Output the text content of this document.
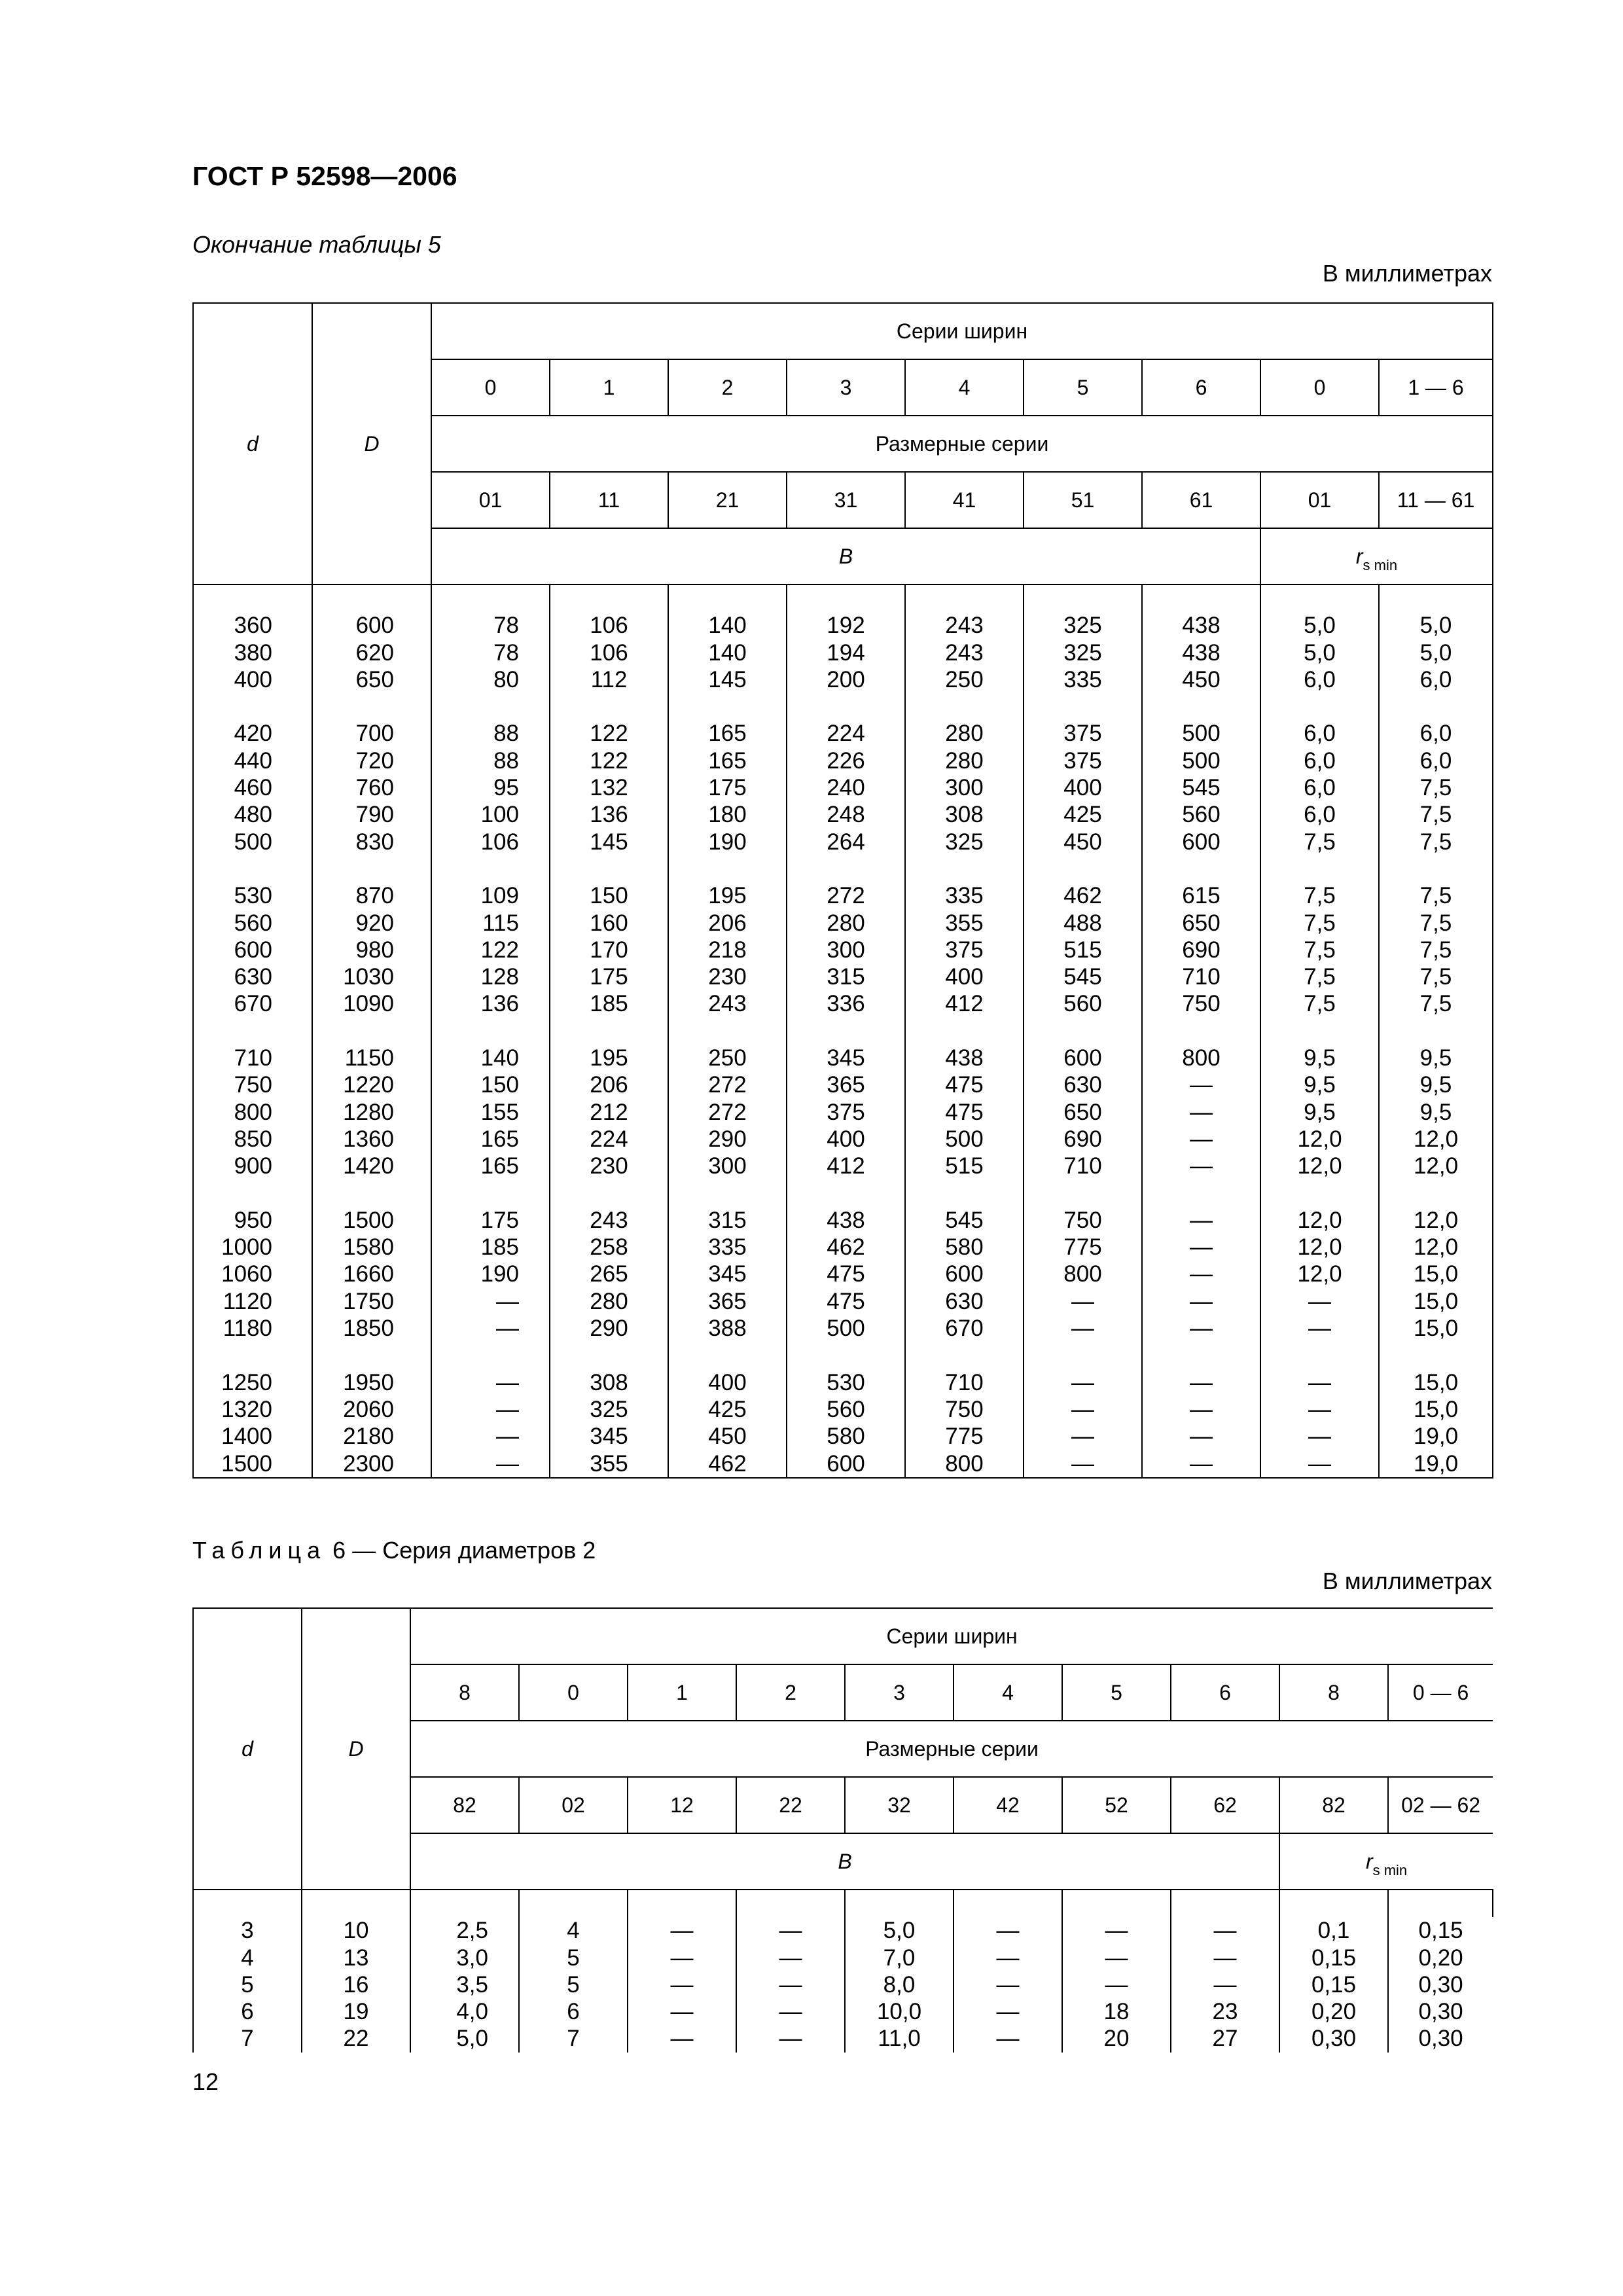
ГОСТ Р 52598—2006
Окончание таблицы 5
В миллиметрах
d	D	Серии ширин								
		0	1	2	3	4	5	6	0	1 — 6
		Размерные серии								
		01	11	21	31	41	51	61	01	11 — 61
		B							$r_{s min}$

360	600	78	106	140	192	243	325	438	5,0	5,0
380	620	78	106	140	194	243	325	438	5,0	5,0
400	650	80	112	145	200	250	335	450	6,0	6,0

420	700	88	122	165	224	280	375	500	6,0	6,0
440	720	88	122	165	226	280	375	500	6,0	6,0
460	760	95	132	175	240	300	400	545	6,0	7,5
480	790	100	136	180	248	308	425	560	6,0	7,5
500	830	106	145	190	264	325	450	600	7,5	7,5

530	870	109	150	195	272	335	462	615	7,5	7,5
560	920	115	160	206	280	355	488	650	7,5	7,5
600	980	122	170	218	300	375	515	690	7,5	7,5
630	1030	128	175	230	315	400	545	710	7,5	7,5
670	1090	136	185	243	336	412	560	750	7,5	7,5

710	1150	140	195	250	345	438	600	800	9,5	9,5
750	1220	150	206	272	365	475	630	—	9,5	9,5
800	1280	155	212	272	375	475	650	—	9,5	9,5
850	1360	165	224	290	400	500	690	—	12,0	12,0
900	1420	165	230	300	412	515	710	—	12,0	12,0

950	1500	175	243	315	438	545	750	—	12,0	12,0
1000	1580	185	258	335	462	580	775	—	12,0	12,0
1060	1660	190	265	345	475	600	800	—	12,0	15,0
1120	1750	—	280	365	475	630	—	—	—	15,0
1180	1850	—	290	388	500	670	—	—	—	15,0

1250	1950	—	308	400	530	710	—	—	—	15,0
1320	2060	—	325	425	560	750	—	—	—	15,0
1400	2180	—	345	450	580	775	—	—	—	19,0
1500	2300	—	355	462	600	800	—	—	—	19,0
Таблица 6 — Серия диаметров 2
В миллиметрах
d	D	Серии ширин									
		8	0	1	2	3	4	5	6	8	0 — 6
		Размерные серии									
		82	02	12	22	32	42	52	62	82	02 — 62
		B								$r_{s min}$

3	10	2,5	4	—	—	5,0	—	—	—	0,1	0,15
4	13	3,0	5	—	—	7,0	—	—	—	0,15	0,20
5	16	3,5	5	—	—	8,0	—	—	—	0,15	0,30
6	19	4,0	6	—	—	10,0	—	18	23	0,20	0,30
7	22	5,0	7	—	—	11,0	—	20	27	0,30	0,30
12
